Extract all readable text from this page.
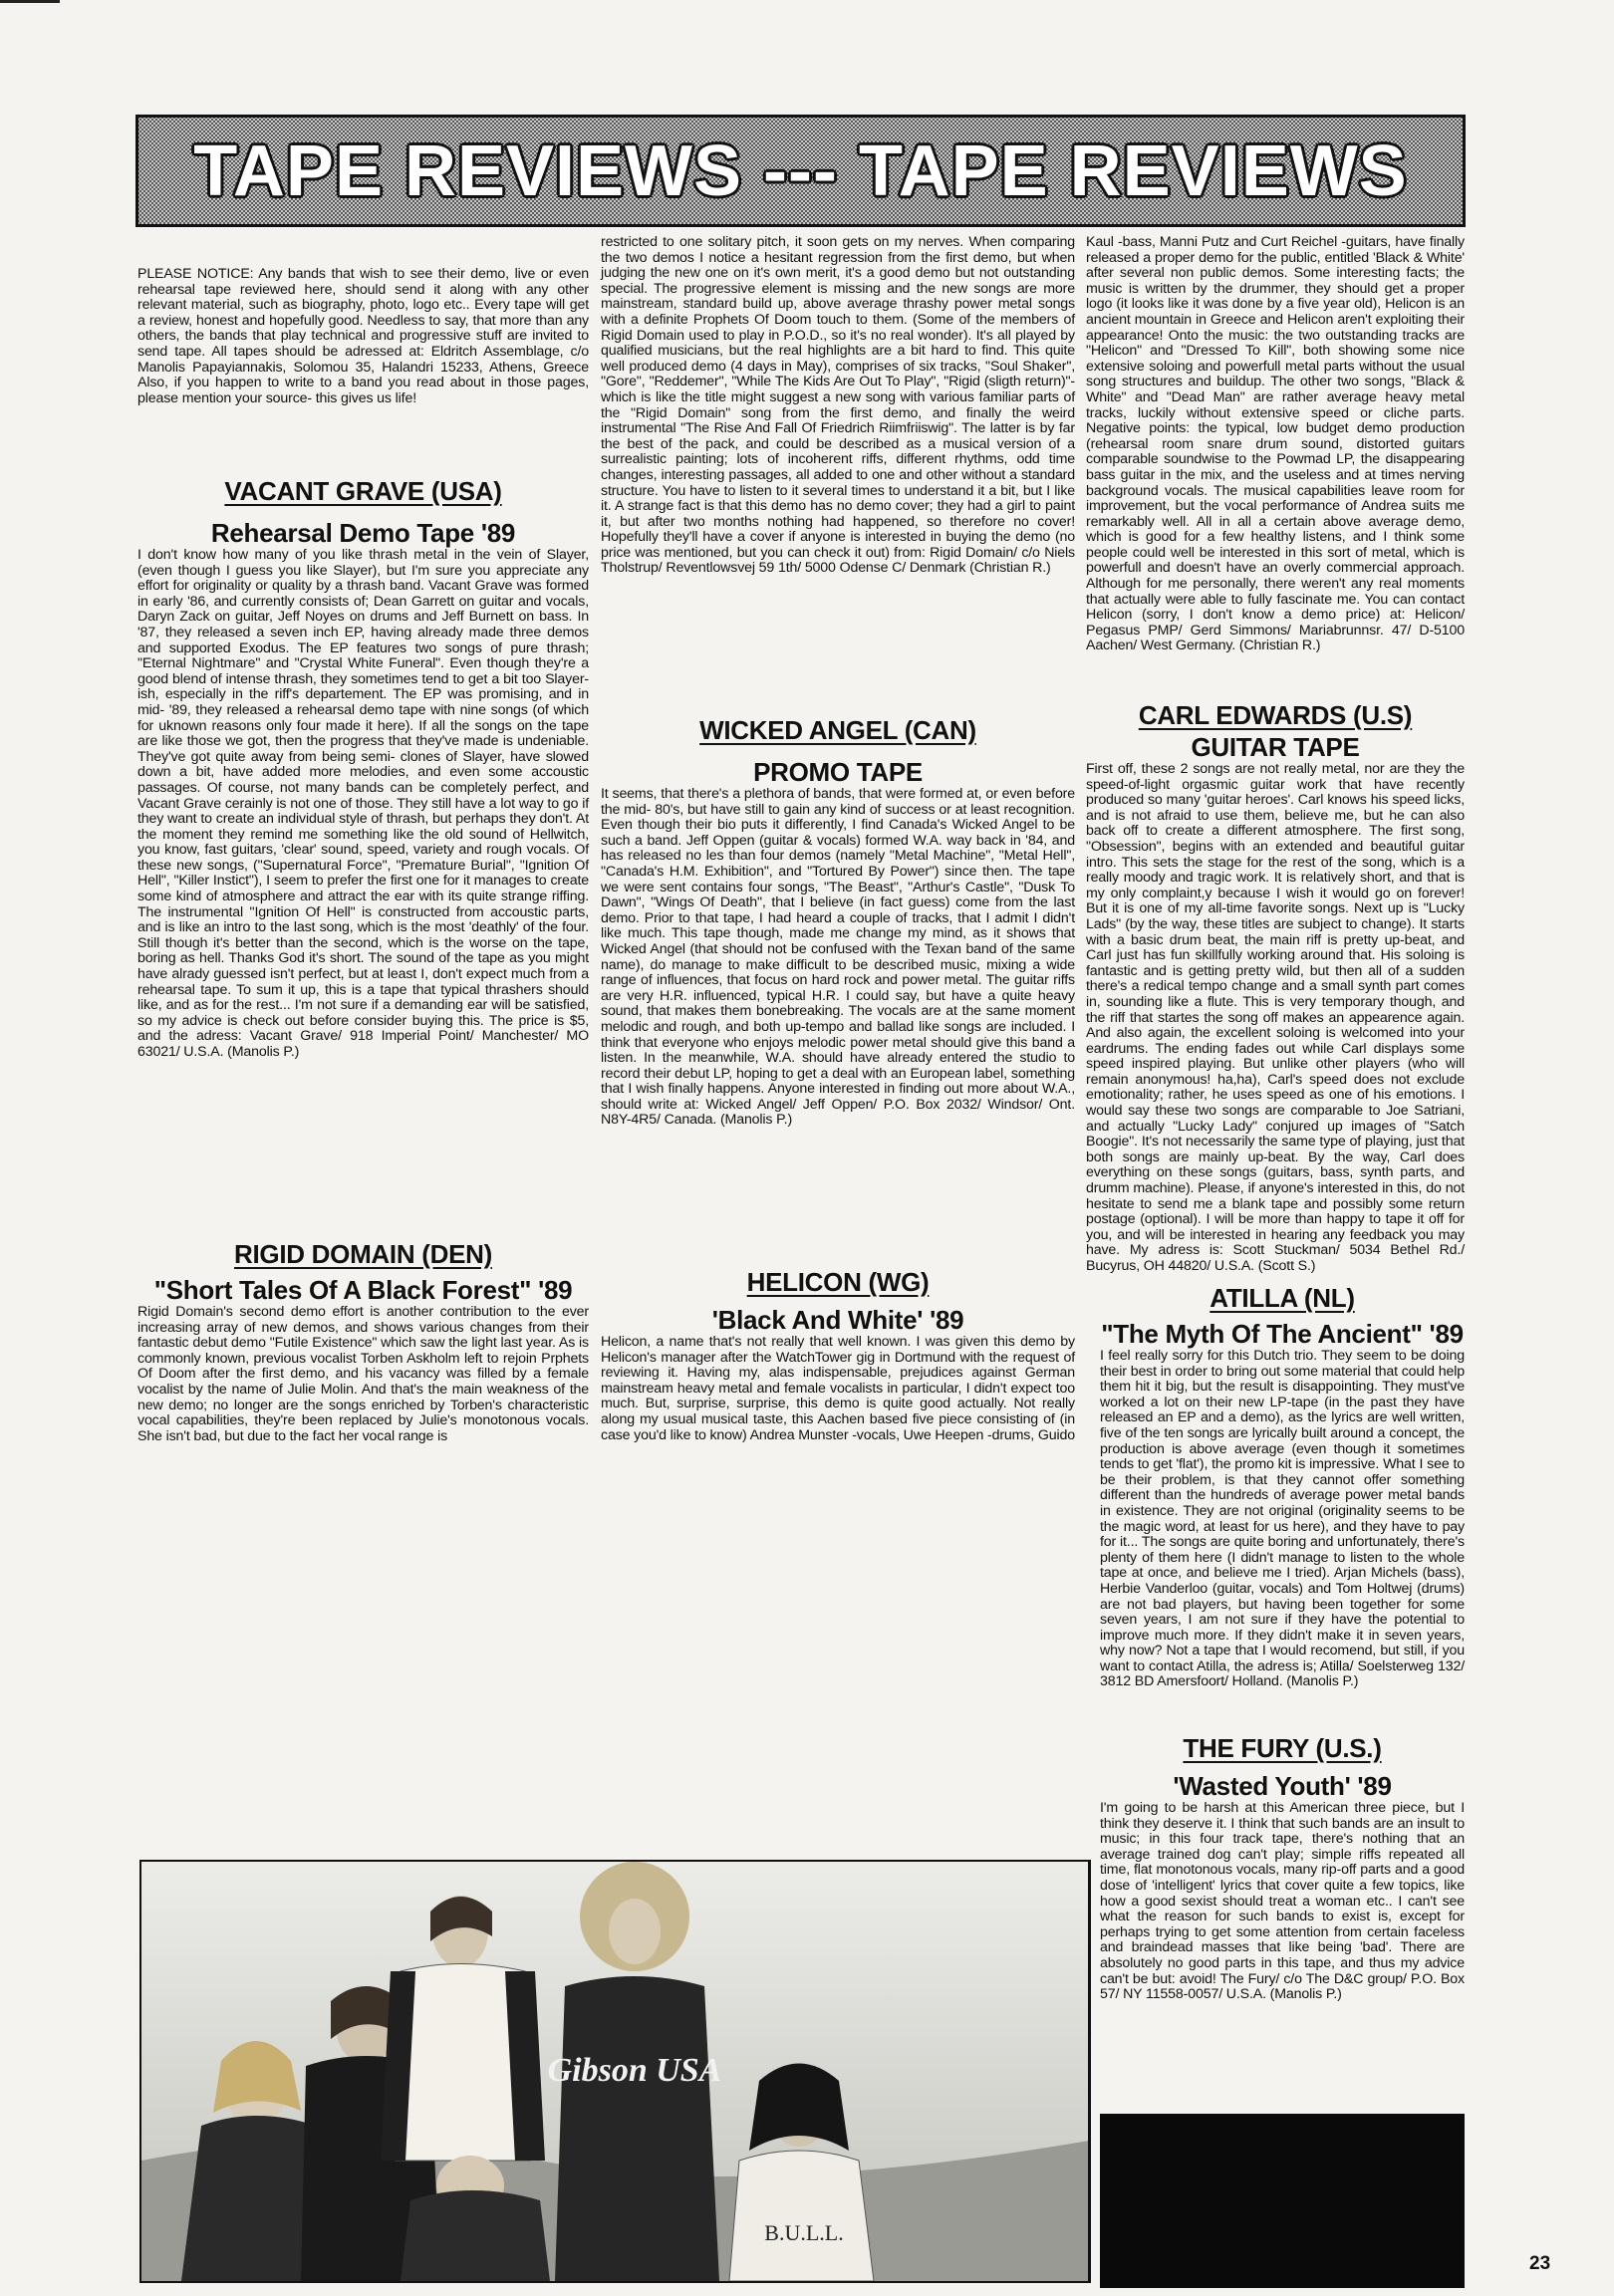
TAPE REVIEWS --- TAPE REVIEWS

PLEASE NOTICE: Any bands that wish to see their demo, live or even rehearsal tape reviewed here, should send it along with any other relevant material, such as biography, photo, logo etc.. Every tape will get a review, honest and hopefully good. Needless to say, that more than any others, the bands that play technical and progressive stuff are invited to send tape. All tapes should be adressed at: Eldritch Assemblage, c/o Manolis Papayiannakis, Solomou 35, Halandri 15233, Athens, Greece Also, if you happen to write to a band you read about in those pages, please mention your source- this gives us life!

VACANT GRAVE (USA)

Rehearsal Demo Tape '89

I don't know how many of you like thrash metal in the vein of Slayer, (even though I guess you like Slayer), but I'm sure you appreciate any effort for originality or quality by a thrash band. Vacant Grave was formed in early '86, and currently consists of; Dean Garrett on guitar and vocals, Daryn Zack on guitar, Jeff Noyes on drums and Jeff Burnett on bass. In '87, they released a seven inch EP, having already made three demos and supported Exodus. The EP features two songs of pure thrash; "Eternal Nightmare" and "Crystal White Funeral". Even though they're a good blend of intense thrash, they sometimes tend to get a bit too Slayer-ish, especially in the riff's departement. The EP was promising, and in mid- '89, they released a rehearsal demo tape with nine songs (of which for uknown reasons only four made it here). If all the songs on the tape are like those we got, then the progress that they've made is undeniable. They've got quite away from being semi- clones of Slayer, have slowed down a bit, have added more melodies, and even some accoustic passages. Of course, not many bands can be completely perfect, and Vacant Grave cerainly is not one of those. They still have a lot way to go if they want to create an individual style of thrash, but perhaps they don't. At the moment they remind me something like the old sound of Hellwitch, you know, fast guitars, 'clear' sound, speed, variety and rough vocals. Of these new songs, ("Supernatural Force", "Premature Burial", "Ignition Of Hell", "Killer Instict"), I seem to prefer the first one for it manages to create some kind of atmosphere and attract the ear with its quite strange riffing. The instrumental "Ignition Of Hell" is constructed from accoustic parts, and is like an intro to the last song, which is the most 'deathly' of the four. Still though it's better than the second, which is the worse on the tape, boring as hell. Thanks God it's short. The sound of the tape as you might have alrady guessed isn't perfect, but at least I, don't expect much from a rehearsal tape. To sum it up, this is a tape that typical thrashers should like, and as for the rest... I'm not sure if a demanding ear will be satisfied, so my advice is check out before consider buying this. The price is $5, and the adress: Vacant Grave/ 918 Imperial Point/ Manchester/ MO 63021/ U.S.A. (Manolis P.)

RIGID DOMAIN (DEN)

"Short Tales Of A Black Forest" '89

Rigid Domain's second demo effort is another contribution to the ever increasing array of new demos, and shows various changes from their fantastic debut demo "Futile Existence" which saw the light last year. As is commonly known, previous vocalist Torben Askholm left to rejoin Prphets Of Doom after the first demo, and his vacancy was filled by a female vocalist by the name of Julie Molin. And that's the main weakness of the new demo; no longer are the songs enriched by Torben's characteristic vocal capabilities, they're been replaced by Julie's monotonous vocals. She isn't bad, but due to the fact her vocal range is

restricted to one solitary pitch, it soon gets on my nerves. When comparing the two demos I notice a hesitant regression from the first demo, but when judging the new one on it's own merit, it's a good demo but not outstanding special. The progressive element is missing and the new songs are more mainstream, standard build up, above average thrashy power metal songs with a definite Prophets Of Doom touch to them. (Some of the members of Rigid Domain used to play in P.O.D., so it's no real wonder). It's all played by qualified musicians, but the real highlights are a bit hard to find. This quite well produced demo (4 days in May), comprises of six tracks, "Soul Shaker", "Gore", "Reddemer", "While The Kids Are Out To Play", "Rigid (sligth return)"- which is like the title might suggest a new song with various familiar parts of the "Rigid Domain" song from the first demo, and finally the weird instrumental "The Rise And Fall Of Friedrich Riimfriiswig". The latter is by far the best of the pack, and could be described as a musical version of a surrealistic painting; lots of incoherent riffs, different rhythms, odd time changes, interesting passages, all added to one and other without a standard structure. You have to listen to it several times to understand it a bit, but I like it. A strange fact is that this demo has no demo cover; they had a girl to paint it, but after two months nothing had happened, so therefore no cover! Hopefully they'll have a cover if anyone is interested in buying the demo (no price was mentioned, but you can check it out) from: Rigid Domain/ c/o Niels Tholstrup/ Reventlowsvej 59 1th/ 5000 Odense C/ Denmark (Christian R.)

WICKED ANGEL (CAN)

PROMO TAPE

It seems, that there's a plethora of bands, that were formed at, or even before the mid- 80's, but have still to gain any kind of success or at least recognition. Even though their bio puts it differently, I find Canada's Wicked Angel to be such a band. Jeff Oppen (guitar & vocals) formed W.A. way back in '84, and has released no les than four demos (namely "Metal Machine", "Metal Hell", "Canada's H.M. Exhibition", and "Tortured By Power") since then. The tape we were sent contains four songs, "The Beast", "Arthur's Castle", "Dusk To Dawn", "Wings Of Death", that I believe (in fact guess) come from the last demo. Prior to that tape, I had heard a couple of tracks, that I admit I didn't like much. This tape though, made me change my mind, as it shows that Wicked Angel (that should not be confused with the Texan band of the same name), do manage to make difficult to be described music, mixing a wide range of influences, that focus on hard rock and power metal. The guitar riffs are very H.R. influenced, typical H.R. I could say, but have a quite heavy sound, that makes them bonebreaking. The vocals are at the same moment melodic and rough, and both up-tempo and ballad like songs are included. I think that everyone who enjoys melodic power metal should give this band a listen. In the meanwhile, W.A. should have already entered the studio to record their debut LP, hoping to get a deal with an European label, something that I wish finally happens. Anyone interested in finding out more about W.A., should write at: Wicked Angel/ Jeff Oppen/ P.O. Box 2032/ Windsor/ Ont. N8Y-4R5/ Canada. (Manolis P.)

HELICON (WG)

'Black And White' '89

Helicon, a name that's not really that well known. I was given this demo by Helicon's manager after the WatchTower gig in Dortmund with the request of reviewing it. Having my, alas indispensable, prejudices against German mainstream heavy metal and female vocalists in particular, I didn't expect too much. But, surprise, surprise, this demo is quite good actually. Not really along my usual musical taste, this Aachen based five piece consisting of (in case you'd like to know) Andrea Munster -vocals, Uwe Heepen -drums, Guido

Kaul -bass, Manni Putz and Curt Reichel -guitars, have finally released a proper demo for the public, entitled 'Black & White' after several non public demos. Some interesting facts; the music is written by the drummer, they should get a proper logo (it looks like it was done by a five year old), Helicon is an ancient mountain in Greece and Helicon aren't exploiting their appearance! Onto the music: the two outstanding tracks are "Helicon" and "Dressed To Kill", both showing some nice extensive soloing and powerfull metal parts without the usual song structures and buildup. The other two songs, "Black & White" and "Dead Man" are rather average heavy metal tracks, luckily without extensive speed or cliche parts. Negative points: the typical, low budget demo production (rehearsal room snare drum sound, distorted guitars comparable soundwise to the Powmad LP, the disappearing bass guitar in the mix, and the useless and at times nerving background vocals. The musical capabilities leave room for improvement, but the vocal performance of Andrea suits me remarkably well. All in all a certain above average demo, which is good for a few healthy listens, and I think some people could well be interested in this sort of metal, which is powerfull and doesn't have an overly commercial approach. Although for me personally, there weren't any real moments that actually were able to fully fascinate me. You can contact Helicon (sorry, I don't know a demo price) at: Helicon/ Pegasus PMP/ Gerd Simmons/ Mariabrunnsr. 47/ D-5100 Aachen/ West Germany. (Christian R.)

CARL EDWARDS (U.S)

GUITAR TAPE

First off, these 2 songs are not really metal, nor are they the speed-of-light orgasmic guitar work that have recently produced so many 'guitar heroes'. Carl knows his speed licks, and is not afraid to use them, believe me, but he can also back off to create a different atmosphere. The first song, "Obsession", begins with an extended and beautiful guitar intro. This sets the stage for the rest of the song, which is a really moody and tragic work. It is relatively short, and that is my only complaint,y because I wish it would go on forever! But it is one of my all-time favorite songs. Next up is "Lucky Lads" (by the way, these titles are subject to change). It starts with a basic drum beat, the main riff is pretty up-beat, and Carl just has fun skillfully working around that. His soloing is fantastic and is getting pretty wild, but then all of a sudden there's a redical tempo change and a small synth part comes in, sounding like a flute. This is very temporary though, and the riff that startes the song off makes an appearence again. And also again, the excellent soloing is welcomed into your eardrums. The ending fades out while Carl displays some speed inspired playing. But unlike other players (who will remain anonymous! ha,ha), Carl's speed does not exclude emotionality; rather, he uses speed as one of his emotions. I would say these two songs are comparable to Joe Satriani, and actually "Lucky Lady" conjured up images of "Satch Boogie". It's not necessarily the same type of playing, just that both songs are mainly up-beat. By the way, Carl does everything on these songs (guitars, bass, synth parts, and drumm machine). Please, if anyone's interested in this, do not hesitate to send me a blank tape and possibly some return postage (optional). I will be more than happy to tape it off for you, and will be interested in hearing any feedback you may have. My adress is: Scott Stuckman/ 5034 Bethel Rd./ Bucyrus, OH 44820/ U.S.A. (Scott S.)

ATILLA (NL)

"The Myth Of The Ancient" '89

I feel really sorry for this Dutch trio. They seem to be doing their best in order to bring out some material that could help them hit it big, but the result is disappointing. They must've worked a lot on their new LP-tape (in the past they have released an EP and a demo), as the lyrics are well written, five of the ten songs are lyrically built around a concept, the production is above average (even though it sometimes tends to get 'flat'), the promo kit is impressive. What I see to be their problem, is that they cannot offer something different than the hundreds of average power metal bands in existence. They are not original (originality seems to be the magic word, at least for us here), and they have to pay for it... The songs are quite boring and unfortunately, there's plenty of them here (I didn't manage to listen to the whole tape at once, and believe me I tried). Arjan Michels (bass), Herbie Vanderloo (guitar, vocals) and Tom Holtwej (drums) are not bad players, but having been together for some seven years, I am not sure if they have the potential to improve much more. If they didn't make it in seven years, why now? Not a tape that I would recomend, but still, if you want to contact Atilla, the adress is; Atilla/ Soelsterweg 132/ 3812 BD Amersfoort/ Holland. (Manolis P.)

THE FURY (U.S.)

'Wasted Youth' '89

I'm going to be harsh at this American three piece, but I think they deserve it. I think that such bands are an insult to music; in this four track tape, there's nothing that an average trained dog can't play; simple riffs repeated all time, flat monotonous vocals, many rip-off parts and a good dose of 'intelligent' lyrics that cover quite a few topics, like how a good sexist should treat a woman etc.. I can't see what the reason for such bands to exist is, except for perhaps trying to get some attention from certain faceless and braindead masses that like being 'bad'. There are absolutely no good parts in this tape, and thus my advice can't be but: avoid! The Fury/ c/o The D&C group/ P.O. Box 57/ NY 11558-0057/ U.S.A. (Manolis P.)

Gibson USA
B.U.L.L.
23
